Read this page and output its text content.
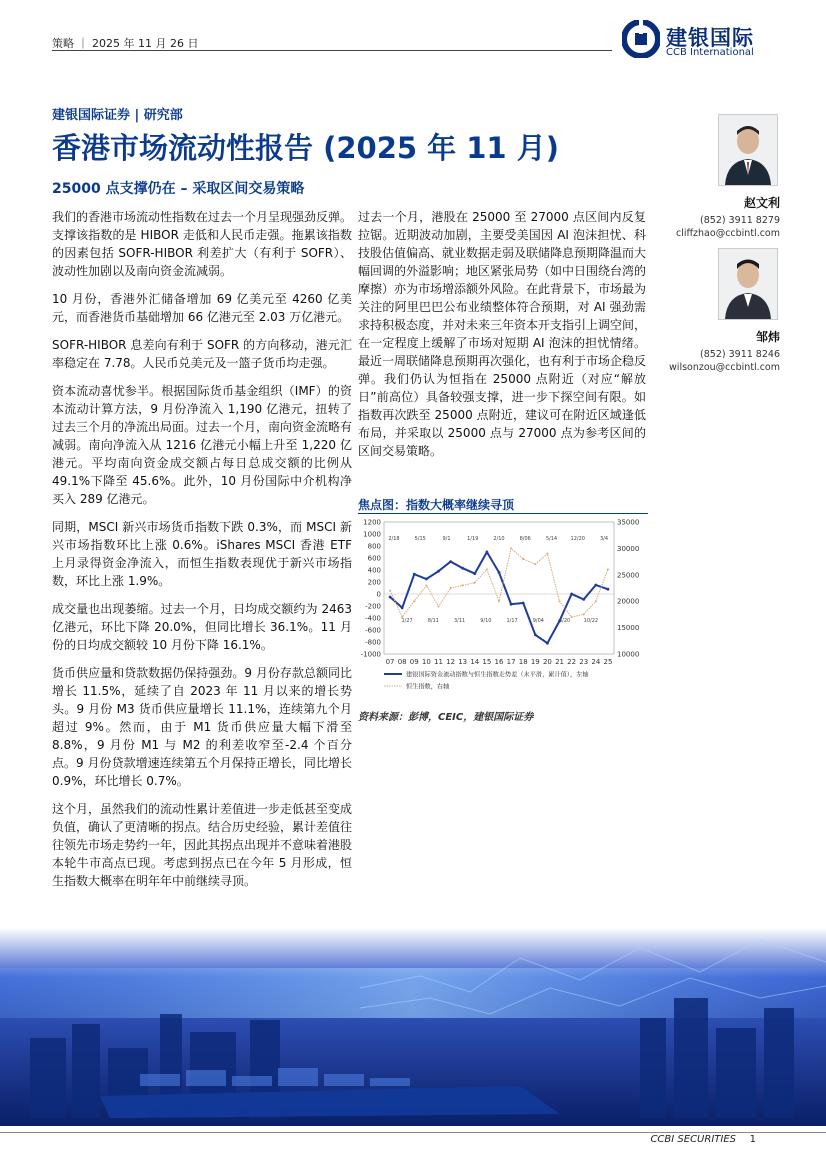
策略 ｜ 2025 年 11 月 26 日	建银国际
CCB International
建银国际证券 | 研究部
香港市场流动性报告 (2025 年 11 月)
25000 点支撑仍在 – 采取区间交易策略

我们的香港市场流动性指数在过去一个月呈现强劲反弹。支撑该指数的是 HIBOR 走低和人民币走强。拖累该指数的因素包括 SOFR-HIBOR 利差扩大（有利于 SOFR）、波动性加剧以及南向资金流减弱。

10 月份，香港外汇储备增加 69 亿美元至 4260 亿美元，而香港货币基础增加 66 亿港元至 2.03 万亿港元。

SOFR-HIBOR 息差向有利于 SOFR 的方向移动，港元汇率稳定在 7.78。人民币兑美元及一篮子货币均走强。

资本流动喜忧参半。根据国际货币基金组织（IMF）的资本流动计算方法，9 月份净流入 1,190 亿港元，扭转了过去三个月的净流出局面。过去一个月，南向资金流略有减弱。南向净流入从 1216 亿港元小幅上升至 1,220 亿港元。平均南向资金成交额占每日总成交额的比例从 49.1%下降至 45.6%。此外，10 月份国际中介机构净买入 289 亿港元。

同期，MSCI 新兴市场货币指数下跌 0.3%，而 MSCI 新兴市场指数环比上涨 0.6%。iShares MSCI 香港 ETF 上月录得资金净流入，而恒生指数表现优于新兴市场指数，环比上涨 1.9%。

成交量也出现萎缩。过去一个月，日均成交额约为 2463 亿港元，环比下降 20.0%，但同比增长 36.1%。11 月份的日均成交额较 10 月份下降 16.1%。

货币供应量和贷款数据仍保持强劲。9 月份存款总额同比增长 11.5%，延续了自 2023 年 11 月以来的增长势头。9 月份 M3 货币供应量增长 11.1%，连续第九个月超过 9%。然而，由于 M1 货币供应量大幅下滑至 8.8%，9 月份 M1 与 M2 的利差收窄至-2.4 个百分点。9 月份贷款增速连续第五个月保持正增长，同比增长 0.9%，环比增长 0.7%。

这个月，虽然我们的流动性累计差值进一步走低甚至变成负值，确认了更清晰的拐点。结合历史经验，累计差值往往领先市场走势约一年，因此其拐点出现并不意味着港股本轮牛市高点已现。考虑到拐点已在今年 5 月形成，恒生指数大概率在明年年中前继续寻顶。

过去一个月，港股在 25000 至 27000 点区间内反复拉锯。近期波动加剧，主要受美国因 AI 泡沫担忧、科技股估值偏高、就业数据走弱及联储降息预期降温而大幅回调的外溢影响；地区紧张局势（如中日围绕台湾的摩擦）亦为市场增添额外风险。在此背景下，市场最为关注的阿里巴巴公布业绩整体符合预期，对 AI 强劲需求持积极态度，并对未来三年资本开支指引上调空间，在一定程度上缓解了市场对短期 AI 泡沫的担忧情绪。最近一周联储降息预期再次强化，也有利于市场企稳反弹。我们仍认为恒指在 25000 点附近（对应“解放日”前高位）具备较强支撑，进一步下探空间有限。如指数再次跌至 25000 点附近，建议可在附近区域逢低布局，并采取以 25000 点与 27000 点为参考区间的区间交易策略。

赵文利
(852) 3911 8279
cliffzhao@ccbintl.com
邹炜
(852) 3911 8246
wilsonzou@ccbintl.com
焦点图：指数大概率继续寻顶
1200
1000
800
600
400
200
0
-200
-400
-600
-800
-1000
35000
30000
25000
20000
15000
10000
07 08 09 10 11 12 13 14 15 16 17 18 19 20 21 22 23 24 25
2/18
1/27
5/15
8/11
9/1
3/11
1/19
9/10
2/10
1/17
8/06
9/04
5/14
3/20
12/20
10/22
3/4
建银国际资金流动指数与恒生指数走势差（未平滑，累计值），左轴
恒生指数，右轴
资料来源：彭博，CEIC，建银国际证券
CCBI SECURITIES 1
